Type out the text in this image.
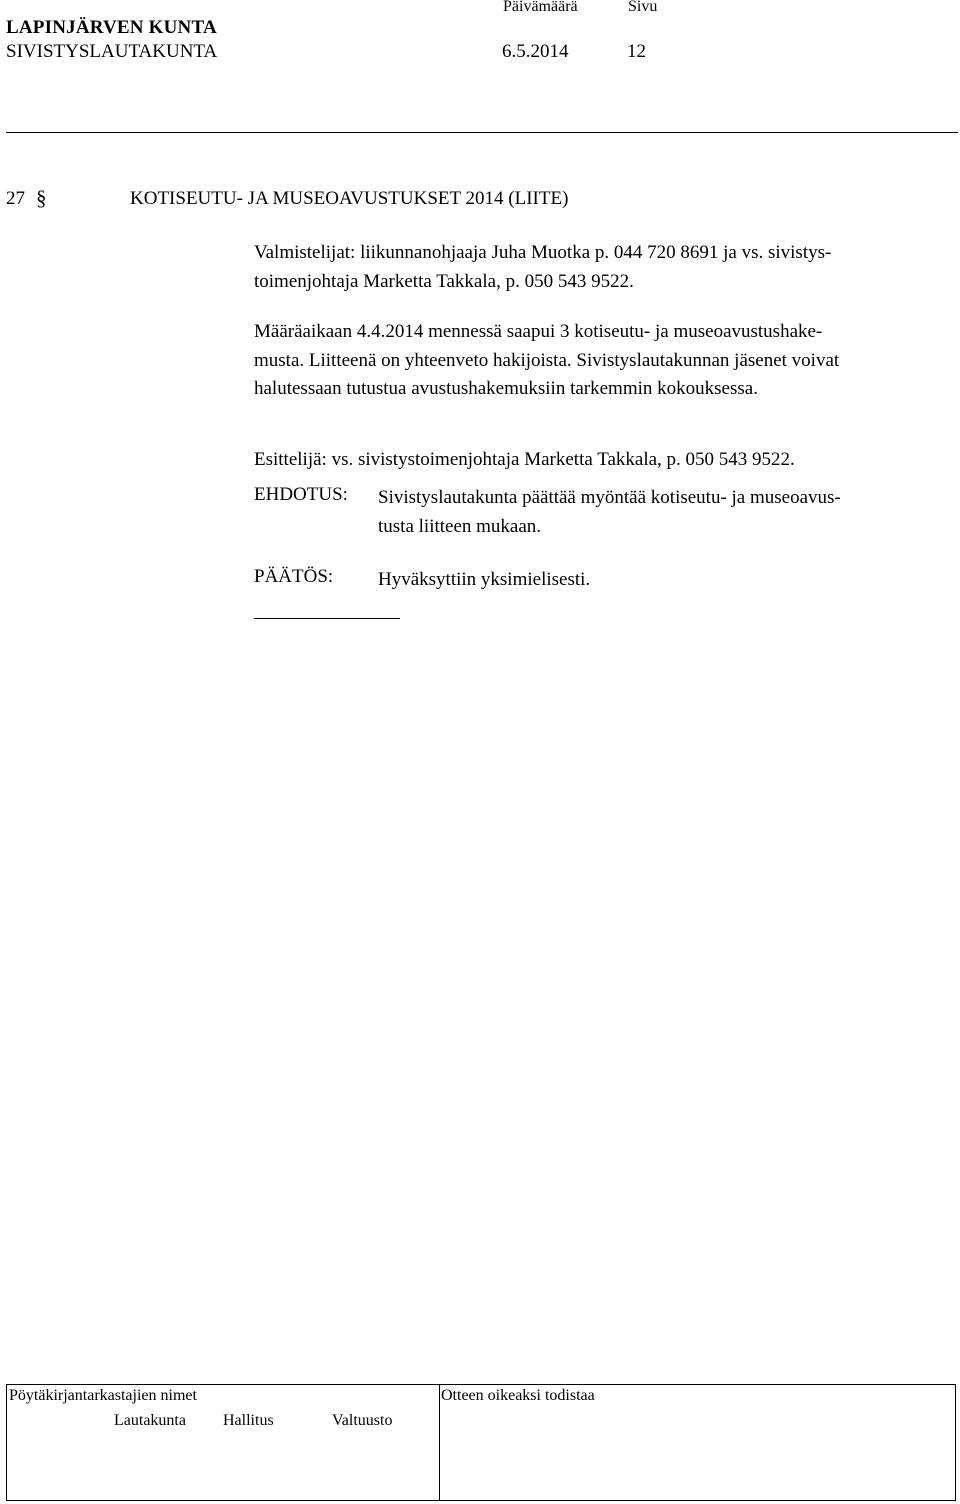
Päivämäärä	Sivu
LAPINJÄRVEN KUNTA
SIVISTYSLAUTAKUNTA	6.5.2014	12
27 §	KOTISEUTU- JA MUSEOAVUSTUKSET 2014 (LIITE)
Valmistelijat: liikunnanohjaaja Juha Muotka p. 044 720 8691 ja vs. sivistys-
toimenjohtaja Marketta Takkala, p. 050 543 9522.
Määräaikaan 4.4.2014 mennessä saapui 3 kotiseutu- ja museoavustushake-
musta. Liitteenä on yhteenveto hakijoista. Sivistyslautakunnan jäsenet voivat
halutessaan tutustua avustushakemuksiin tarkemmin kokouksessa.
Esittelijä: vs. sivistystoimenjohtaja Marketta Takkala, p. 050 543 9522.
EHDOTUS: Sivistyslautakunta päättää myöntää kotiseutu- ja museoavus-
tusta liitteen mukaan.
PÄÄTÖS: Hyväksyttiin yksimielisesti.
Pöytäkirjantarkastajien nimet	Otteen oikeaksi todistaa
Lautakunta Hallitus	Valtuusto
